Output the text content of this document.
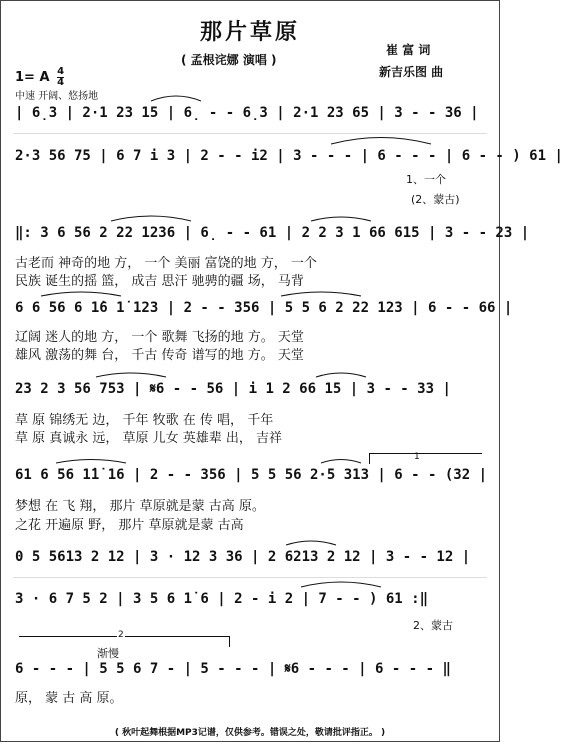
那片草原
( 孟根诧娜 演唱 )
崔 富 词
新吉乐图 曲
1= A $\frac{4}{4}$
中速 开阔、悠扬地
| 6̣3 | 2·1 23 15 | 6̣ - - 6̣3 | 2·1 23 65 | 3 - - 36 |
2·3 56 75 | 6 7 i 3 | 2 - - i2 | 3 - - - | 6 - - - | 6 - - ) 61 |
1、一个
(2、蒙古)
‖: 3 6 56 2 22 1236 | 6̣ - - 61 | 2 2 3 1 66 615 | 3 - - 23 |
古老而 神奇的地 方， 一个 美丽 富饶的地 方， 一个
民族 诞生的摇 篮， 成吉 思汗 驰骋的疆 场， 马背
6 6 56 6 1̇6 1̇ 123 | 2 - - 356 | 5 5 6 2 22 123 | 6 - - 66 |
辽阔 迷人的地 方， 一个 歌舞 飞扬的地 方。 天堂
雄风 激荡的舞 台， 千古 传奇 谱写的地 方。 天堂
23 2 3 56 753 | 𝄋6 - - 56 | i 1 2 66 15 | 3 - - 33 |
草 原 锦绣无 边， 千年 牧歌 在 传 唱， 千年
草 原 真诚永 远， 草原 儿女 英雄辈 出， 吉祥
1
61 6 56 1̇1̇ 16 | 2 - - 356 | 5 5 56 2·5 313 | 6 - - (32 |
梦想 在 飞 翔， 那片 草原就是蒙 古高 原。
之花 开遍原 野， 那片 草原就是蒙 古高
0 5 5613 2 12 | 3 · 12 3 36 | 2 6213 2 12 | 3 - - 12 |
3 · 6 7 5 2 | 3 5 6 1̇ 6 | 2 - i 2 | 7 - - ) 61 :‖
2、蒙古
2
渐慢
6 - - - | 5 5 6 7 - | 5 - - - | 𝄋6 - - - | 6 - - - ‖
原， 蒙 古 高 原。
( 秋叶起舞根据MP3记谱，仅供参考。错误之处，敬请批评指正。 )
